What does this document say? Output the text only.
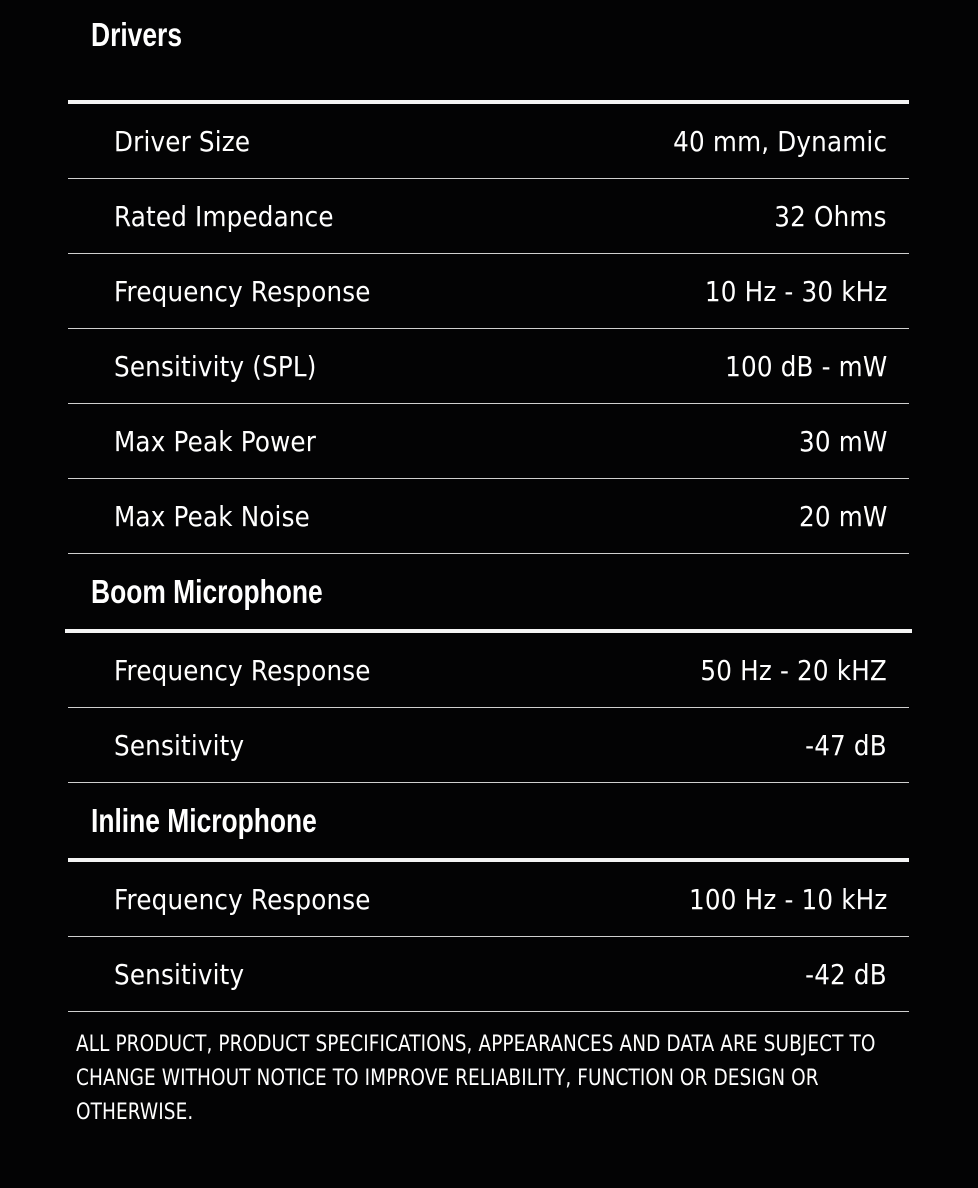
Drivers
Driver Size	40 mm, Dynamic
Rated Impedance	32 Ohms
Frequency Response	10 Hz - 30 kHz
Sensitivity (SPL)	100 dB - mW
Max Peak Power	30 mW
Max Peak Noise	20 mW
Boom Microphone
Frequency Response	50 Hz - 20 kHZ
Sensitivity	-47 dB
Inline Microphone
Frequency Response	100 Hz - 10 kHz
Sensitivity	-42 dB
ALL PRODUCT, PRODUCT SPECIFICATIONS, APPEARANCES AND DATA ARE SUBJECT TO CHANGE WITHOUT NOTICE TO IMPROVE RELIABILITY, FUNCTION OR DESIGN OR OTHERWISE.
